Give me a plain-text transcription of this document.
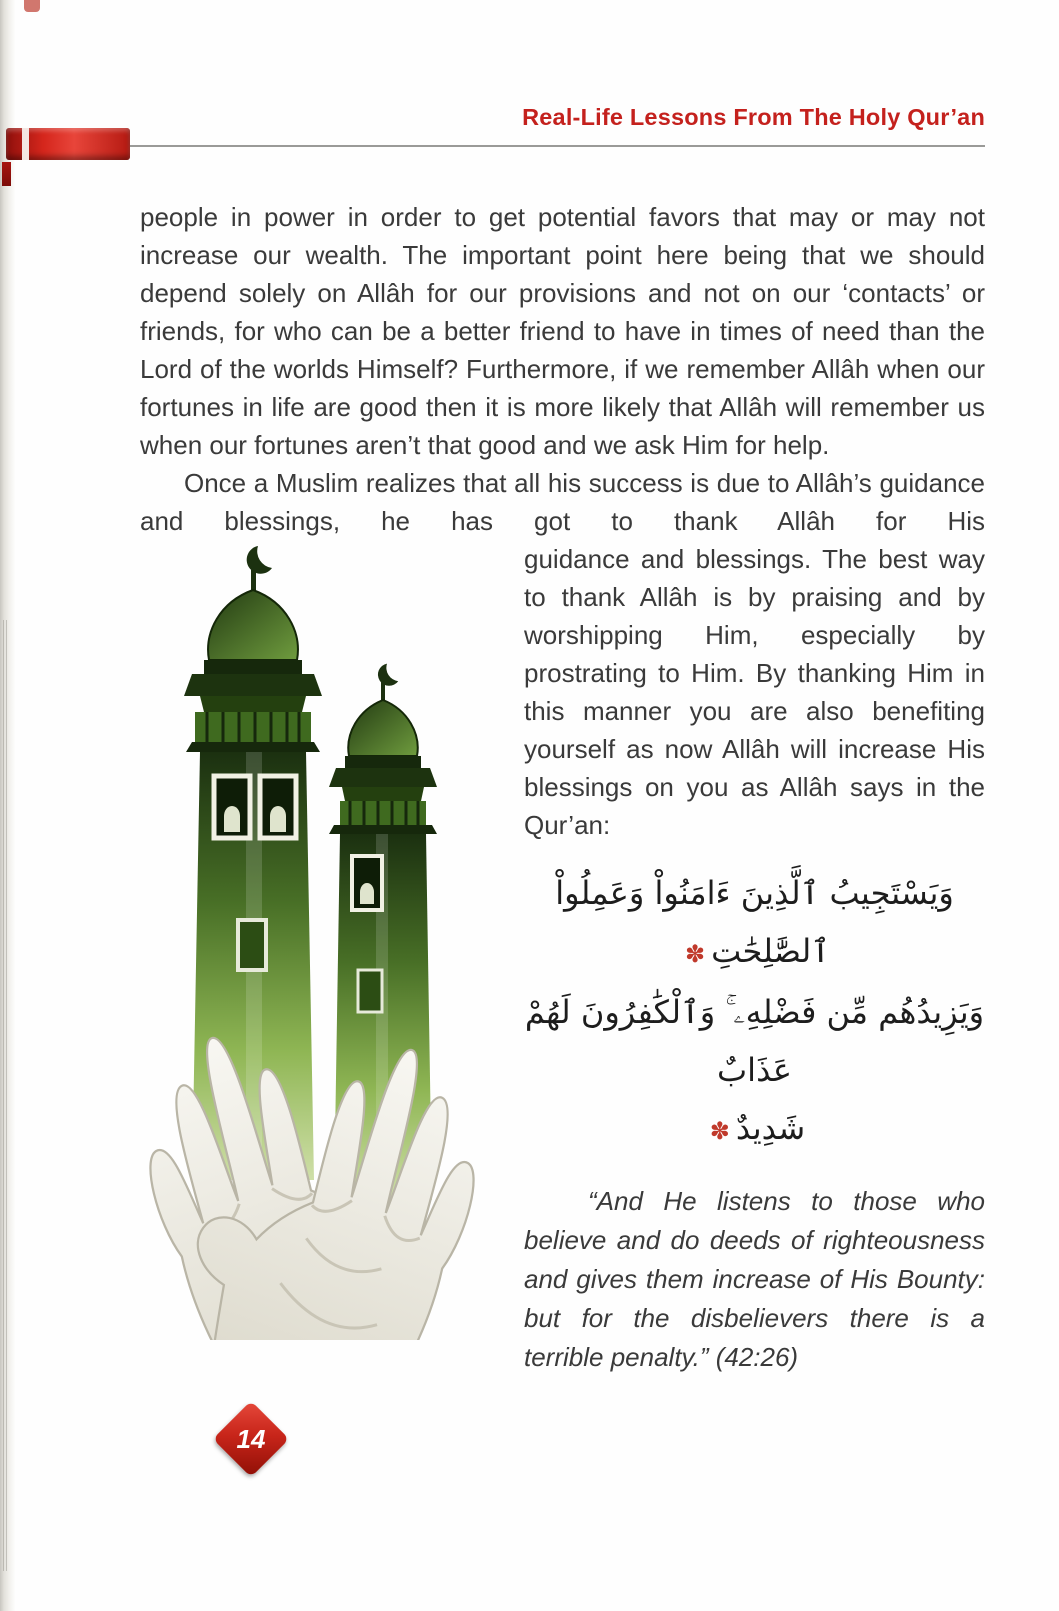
Real-Life Lessons From The Holy Qur’an

people in power in order to get potential favors that may or may not increase our wealth. The important point here being that we should depend solely on Allâh for our provisions and not on our ‘contacts’ or friends, for who can be a better friend to have in times of need than the Lord of the worlds Himself? Furthermore, if we remember Allâh when our fortunes in life are good then it is more likely that Allâh will remember us when our fortunes aren’t that good and we ask Him for help.

Once a Muslim realizes that all his success is due to Allâh’s guidance and blessings, he has got to thank Allâh for His

guidance and blessings. The best way to thank Allâh is by praising and by worshipping Him, especially by prostrating to Him. By thanking Him in this manner you are also benefiting yourself as now Allâh will increase His blessings on you as Allâh says in the Qur’an:

وَيَسْتَجِيبُ ٱلَّذِينَ ءَامَنُواْ وَعَمِلُواْ ٱلصَّٰلِحَٰتِ✽
وَيَزِيدُهُم مِّن فَضْلِهِۦ ۚ وَٱلْكَٰفِرُونَ لَهُمْ عَذَابٌ
شَدِيدٌ✽

“And He listens to those who believe and do deeds of righteousness and gives them increase of His Bounty: but for the disbelievers there is a terrible penalty.” (42:26)

14
